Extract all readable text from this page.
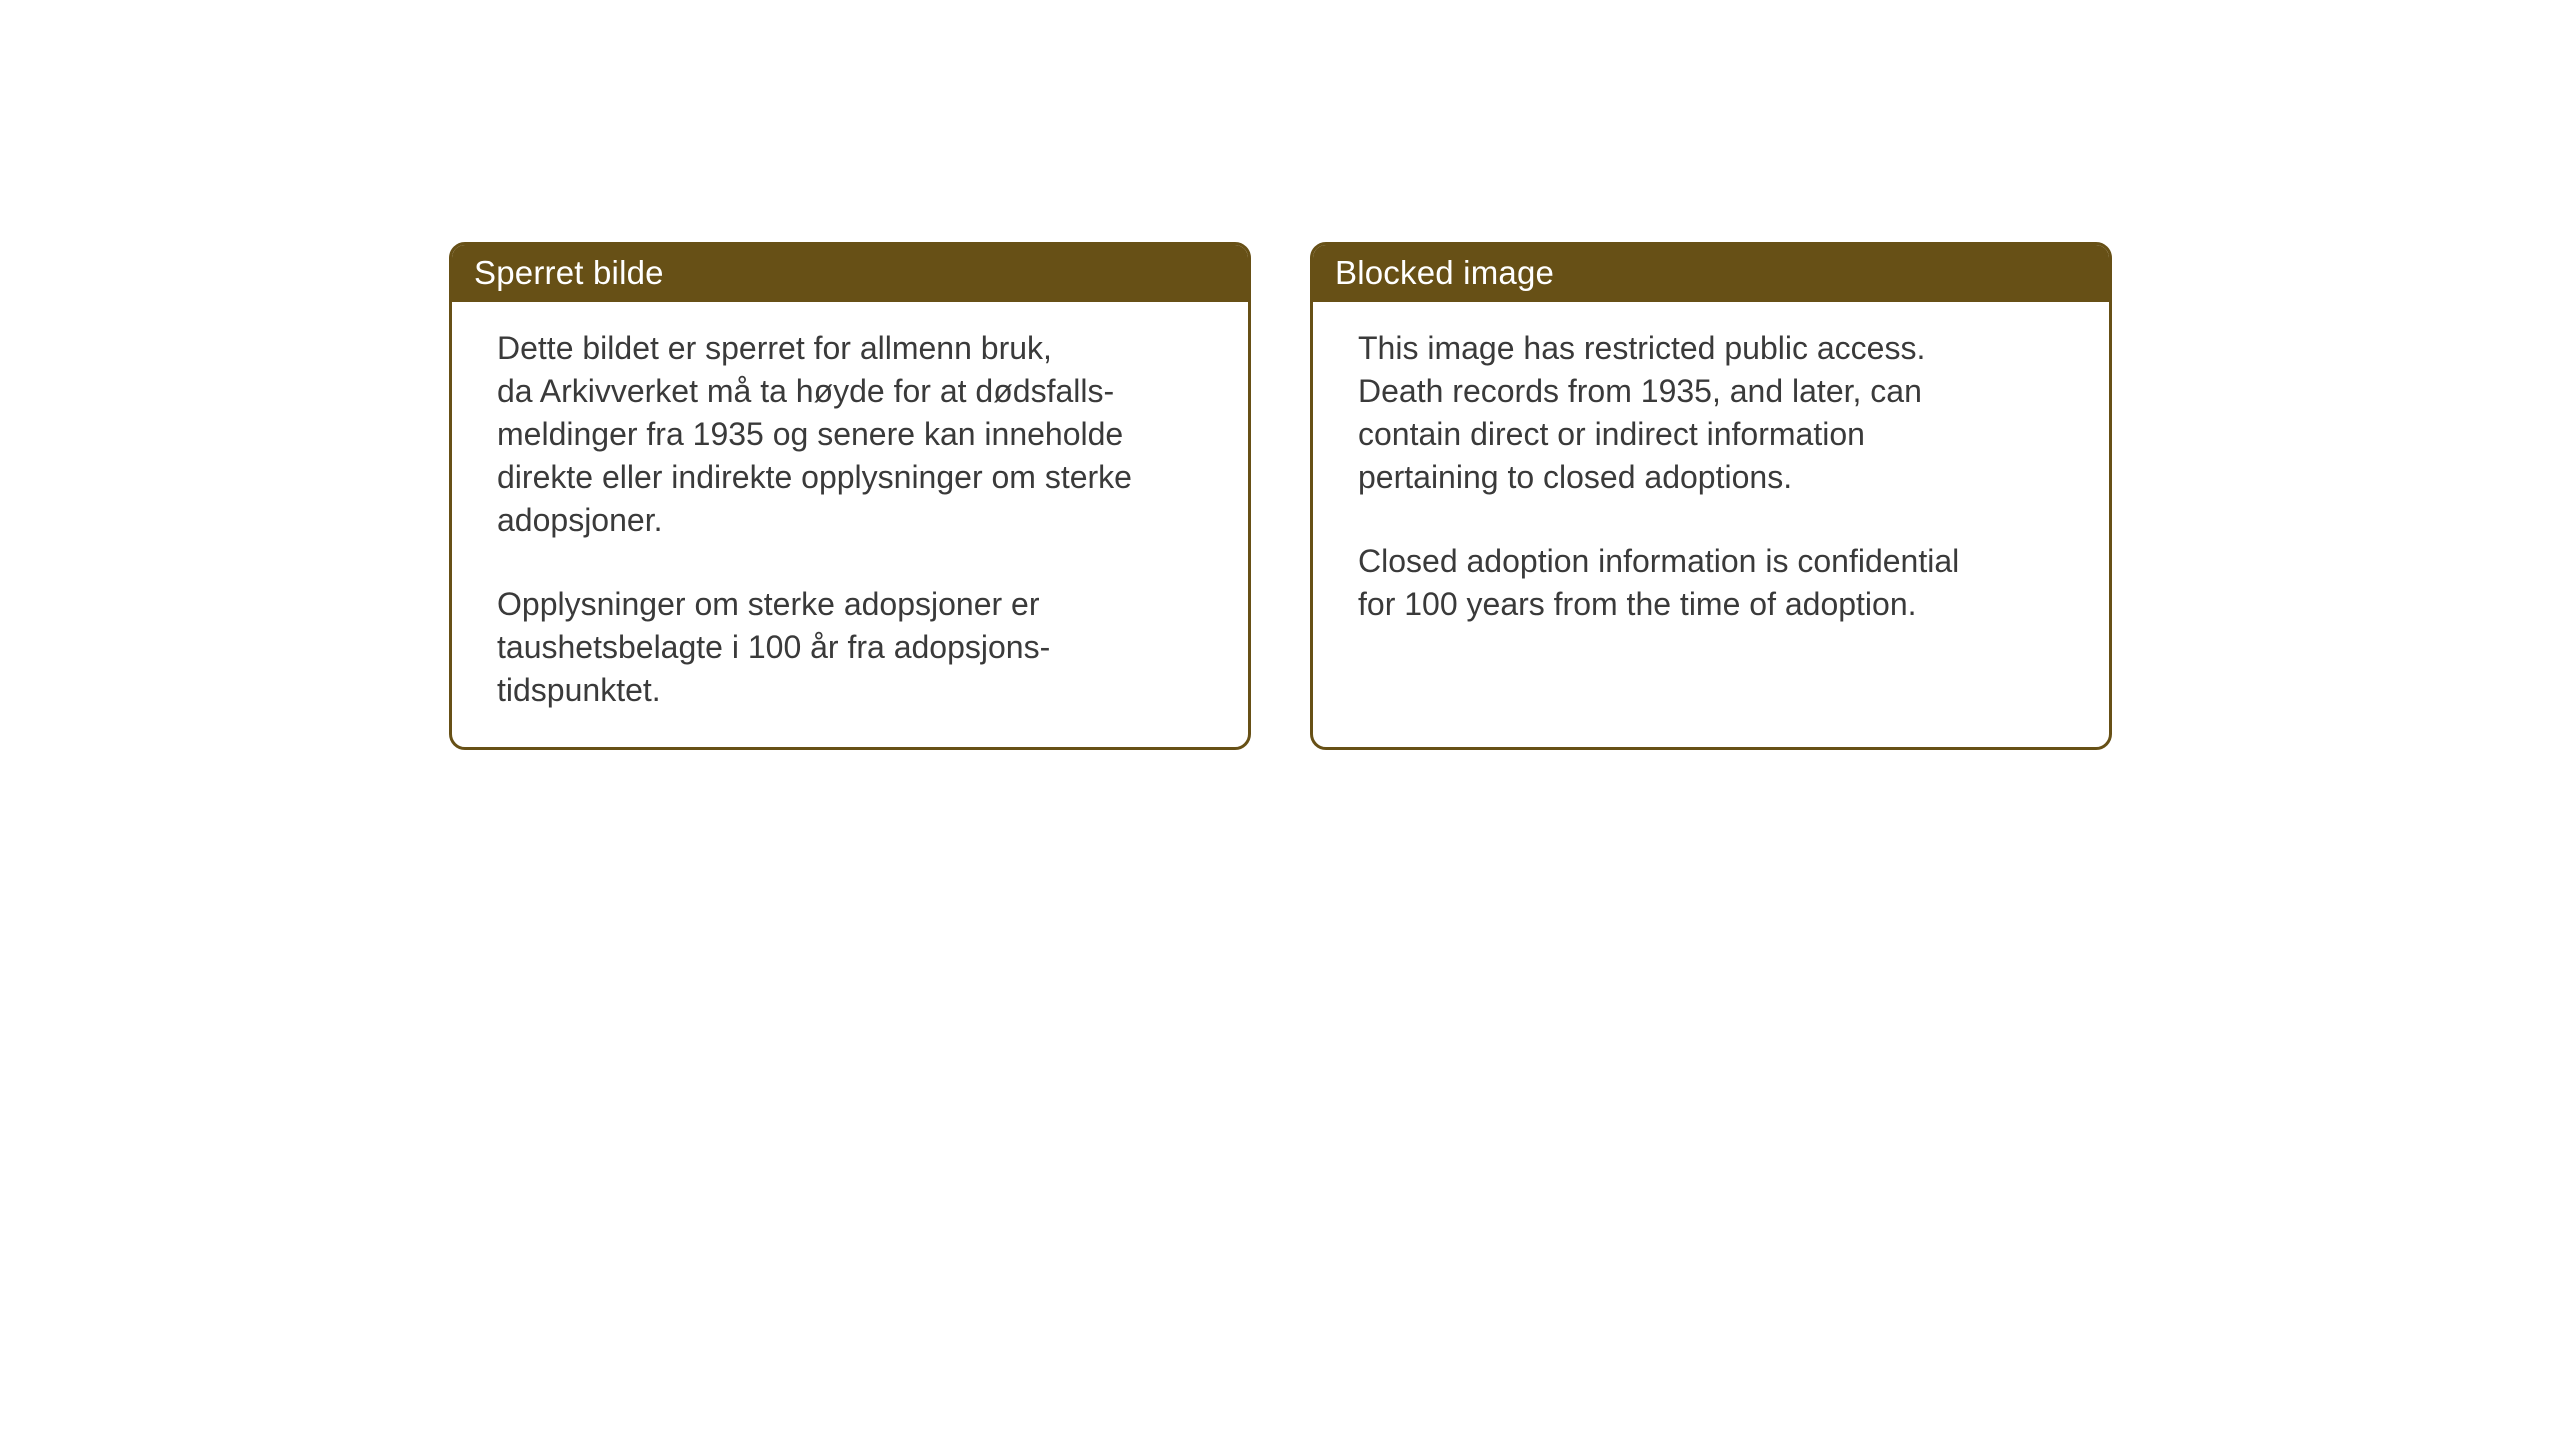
Sperret bilde

Dette bildet er sperret for allmenn bruk,
da Arkivverket må ta høyde for at dødsfalls-
meldinger fra 1935 og senere kan inneholde
direkte eller indirekte opplysninger om sterke
adopsjoner.

Opplysninger om sterke adopsjoner er
taushetsbelagte i 100 år fra adopsjons-
tidspunktet.

Blocked image

This image has restricted public access.
Death records from 1935, and later, can
contain direct or indirect information
pertaining to closed adoptions.

Closed adoption information is confidential
for 100 years from the time of adoption.
